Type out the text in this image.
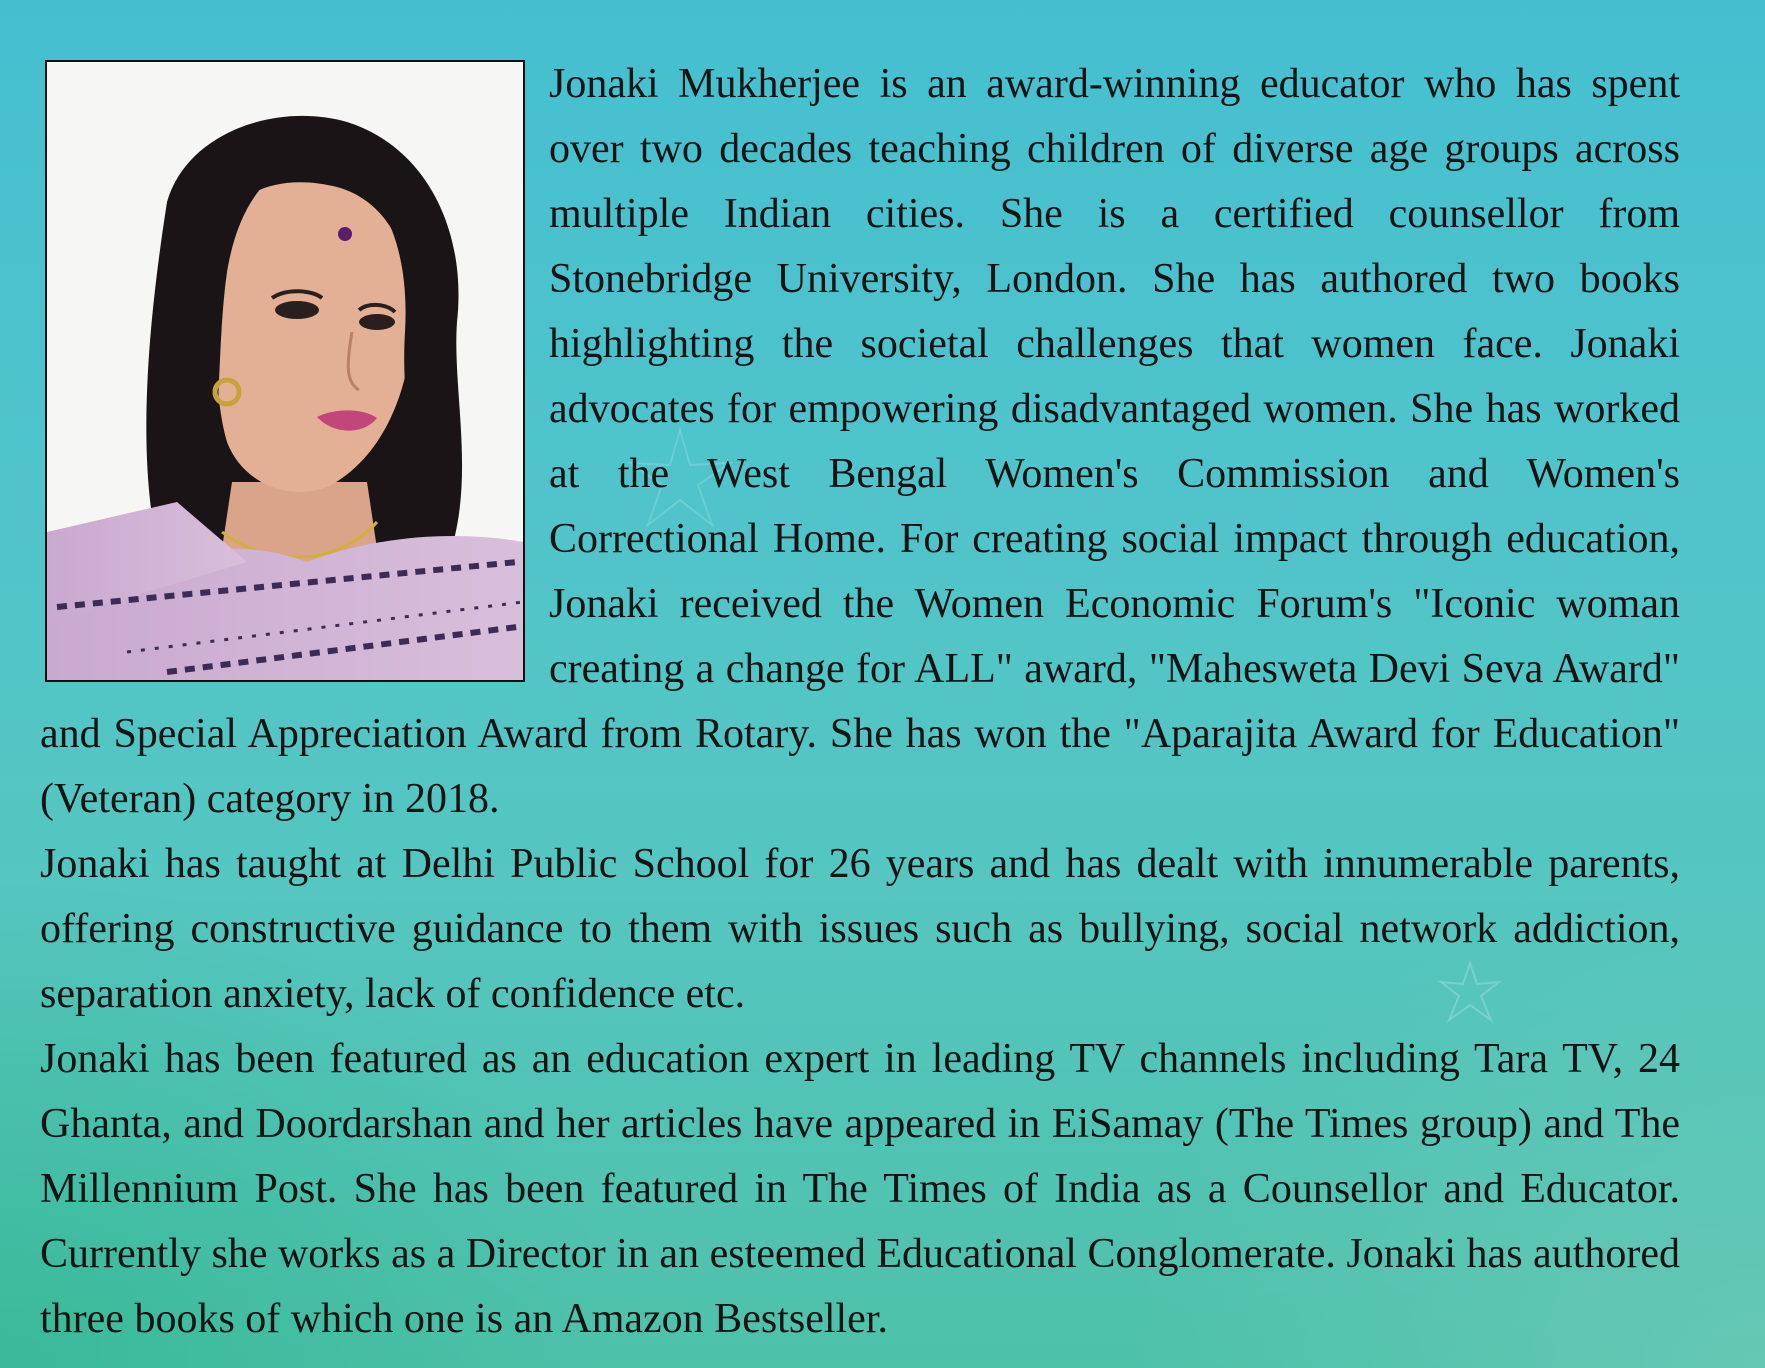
Jonaki Mukherjee is an award-winning educator who has spent over two decades teaching children of diverse age groups across multiple Indian cities. She is a certified counsellor from Stonebridge University, London. She has authored two books highlighting the societal challenges that women face. Jonaki advocates for empowering disadvantaged women. She has worked at the West Bengal Women's Commission and Women's Correctional Home. For creating social impact through education, Jonaki received the Women Economic Forum's "Iconic woman creating a change for ALL" award, "Mahesweta Devi Seva Award" and Special Appreciation Award from Rotary. She has won the "Aparajita Award for Education"(Veteran) category in 2018.

Jonaki has taught at Delhi Public School for 26 years and has dealt with innumerable parents, offering constructive guidance to them with issues such as bullying, social network addiction, separation anxiety, lack of confidence etc.

Jonaki has been featured as an education expert in leading TV channels including Tara TV, 24 Ghanta, and Doordarshan and her articles have appeared in EiSamay (The Times group) and The Millennium Post. She has been featured in The Times of India as a Counsellor and Educator. Currently she works as a Director in an esteemed Educational Conglomerate. Jonaki has authored three books of which one is an Amazon Bestseller.
